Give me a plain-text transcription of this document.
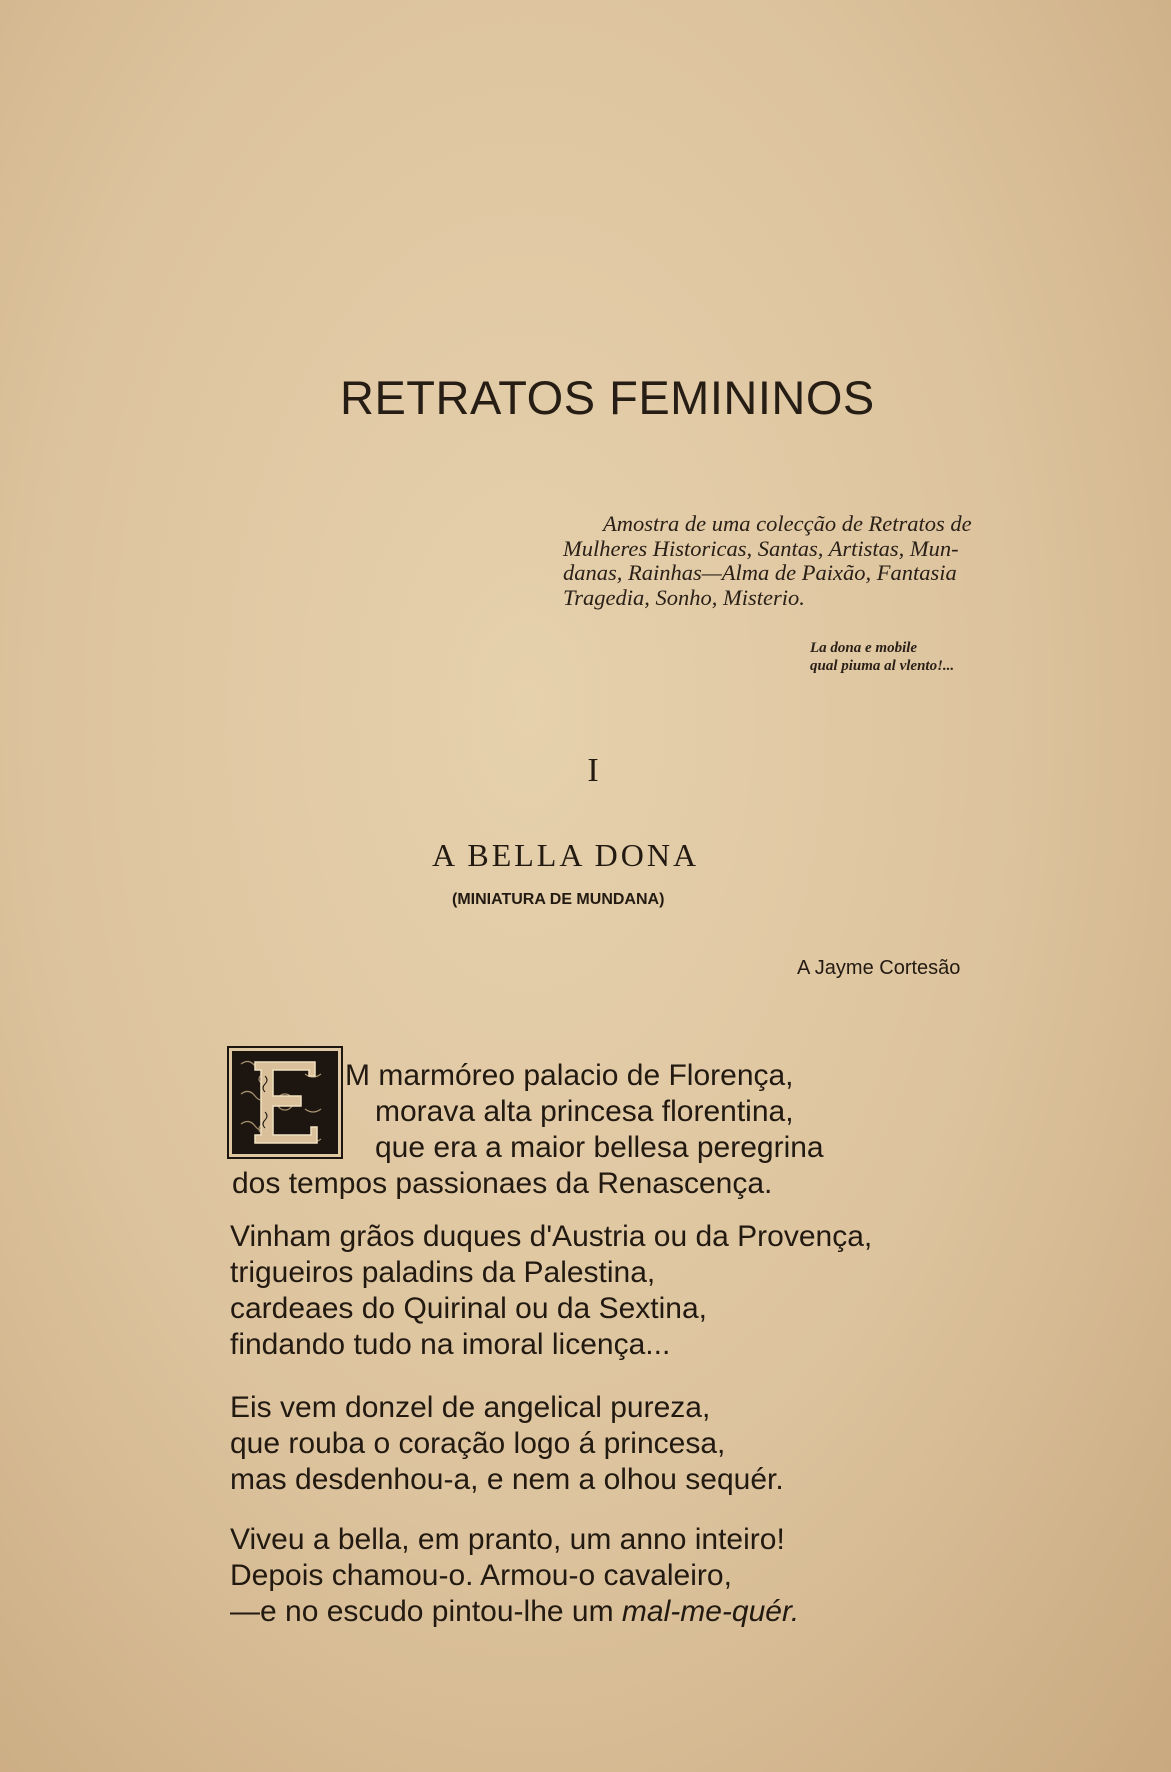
RETRATOS FEMININOS
Amostra de uma colecção de Retratos de
Mulheres Historicas, Santas, Artistas, Mun-
danas, Rainhas—Alma de Paixão, Fantasia
Tragedia, Sonho, Misterio.
La dona e mobile
qual piuma al vlento!...
I
A BELLA DONA
(MINIATURA DE MUNDANA)
A Jayme Cortesão
M marmóreo palacio de Florença,
morava alta princesa florentina,
que era a maior bellesa peregrina
dos tempos passionaes da Renascença.
Vinham grãos duques d'Austria ou da Provença,
trigueiros paladins da Palestina,
cardeaes do Quirinal ou da Sextina,
findando tudo na imoral licença...
Eis vem donzel de angelical pureza,
que rouba o coração logo á princesa,
mas desdenhou-a, e nem a olhou sequér.
Viveu a bella, em pranto, um anno inteiro!
Depois chamou-o. Armou-o cavaleiro,
—e no escudo pintou-lhe um mal-me-quér.
